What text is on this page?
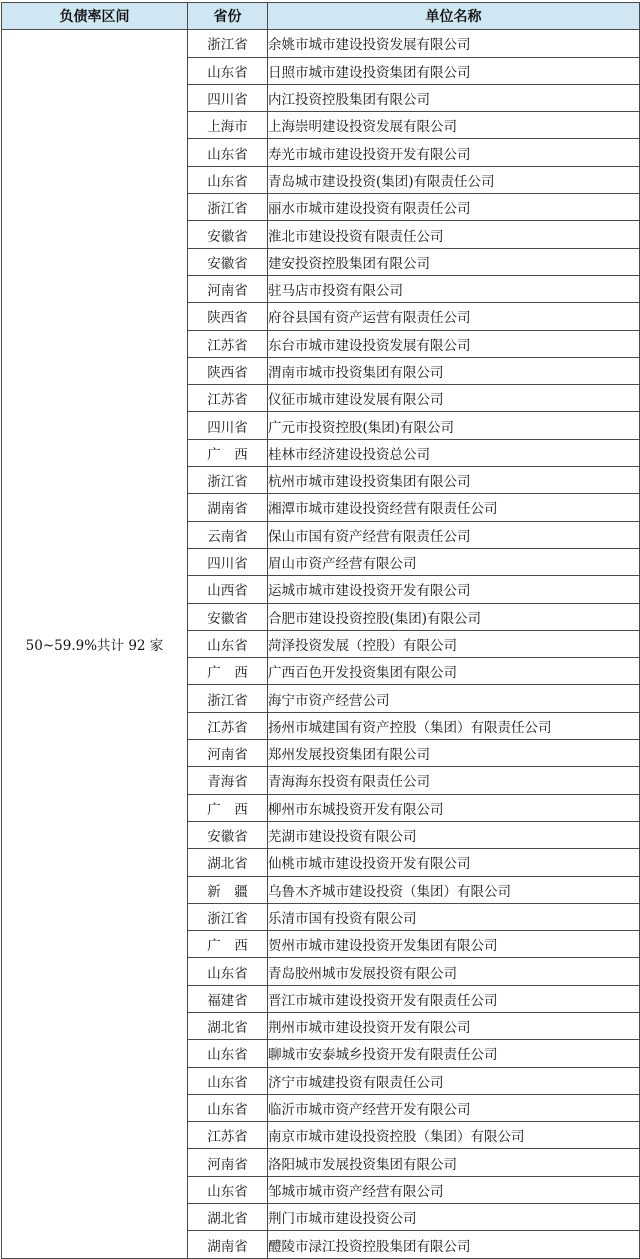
负债率区间	省份	单位名称
50~59.9%共计 92 家	浙江省	余姚市城市建设投资发展有限公司
	山东省	日照市城市建设投资集团有限公司
	四川省	内江投资控股集团有限公司
	上海市	上海崇明建设投资发展有限公司
	山东省	寿光市城市建设投资开发有限公司
	山东省	青岛城市建设投资(集团)有限责任公司
	浙江省	丽水市城市建设投资有限责任公司
	安徽省	淮北市建设投资有限责任公司
	安徽省	建安投资控股集团有限公司
	河南省	驻马店市投资有限公司
	陕西省	府谷县国有资产运营有限责任公司
	江苏省	东台市城市建设投资发展有限公司
	陕西省	渭南市城市投资集团有限公司
	江苏省	仪征市城市建设发展有限公司
	四川省	广元市投资控股(集团)有限公司
	广　西	桂林市经济建设投资总公司
	浙江省	杭州市城市建设投资集团有限公司
	湖南省	湘潭市城市建设投资经营有限责任公司
	云南省	保山市国有资产经营有限责任公司
	四川省	眉山市资产经营有限公司
	山西省	运城市城市建设投资开发有限公司
	安徽省	合肥市建设投资控股(集团)有限公司
	山东省	菏泽投资发展（控股）有限公司
	广　西	广西百色开发投资集团有限公司
	浙江省	海宁市资产经营公司
	江苏省	扬州市城建国有资产控股（集团）有限责任公司
	河南省	郑州发展投资集团有限公司
	青海省	青海海东投资有限责任公司
	广　西	柳州市东城投资开发有限公司
	安徽省	芜湖市建设投资有限公司
	湖北省	仙桃市城市建设投资开发有限公司
	新　疆	乌鲁木齐城市建设投资（集团）有限公司
	浙江省	乐清市国有投资有限公司
	广　西	贺州市城市建设投资开发集团有限公司
	山东省	青岛胶州城市发展投资有限公司
	福建省	晋江市城市建设投资开发有限责任公司
	湖北省	荆州市城市建设投资开发有限公司
	山东省	聊城市安泰城乡投资开发有限责任公司
	山东省	济宁市城建投资有限责任公司
	山东省	临沂市城市资产经营开发有限公司
	江苏省	南京市城市建设投资控股（集团）有限公司
	河南省	洛阳城市发展投资集团有限公司
	山东省	邹城市城市资产经营有限公司
	湖北省	荆门市城市建设投资公司
	湖南省	醴陵市渌江投资控股集团有限公司
